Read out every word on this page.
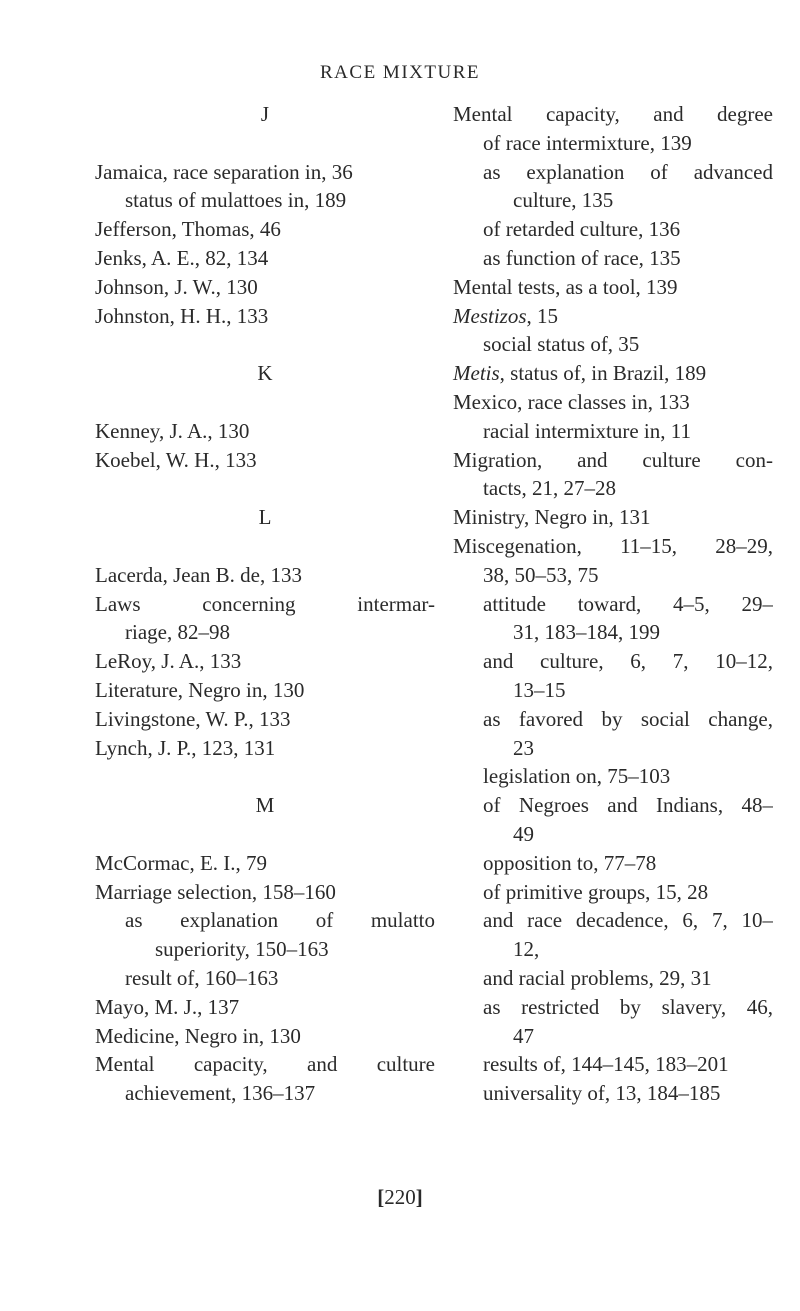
RACE MIXTURE
J
Jamaica, race separation in, 36
status of mulattoes in, 189
Jefferson, Thomas, 46
Jenks, A. E., 82, 134
Johnson, J. W., 130
Johnston, H. H., 133
K
Kenney, J. A., 130
Koebel, W. H., 133
L
Lacerda, Jean B. de, 133
Laws concerning intermar-
riage, 82–98
LeRoy, J. A., 133
Literature, Negro in, 130
Livingstone, W. P., 133
Lynch, J. P., 123, 131
M
McCormac, E. I., 79
Marriage selection, 158–160
as explanation of mulatto
superiority, 150–163
result of, 160–163
Mayo, M. J., 137
Medicine, Negro in, 130
Mental capacity, and culture
achievement, 136–137
Mental capacity, and degree
of race intermixture, 139
as explanation of advanced
culture, 135
of retarded culture, 136
as function of race, 135
Mental tests, as a tool, 139
Mestizos, 15
social status of, 35
Metis, status of, in Brazil, 189
Mexico, race classes in, 133
racial intermixture in, 11
Migration, and culture con-
tacts, 21, 27–28
Ministry, Negro in, 131
Miscegenation, 11–15, 28–29,
38, 50–53, 75
attitude toward, 4–5, 29–
31, 183–184, 199
and culture, 6, 7, 10–12,
13–15
as favored by social change,
23
legislation on, 75–103
of Negroes and Indians, 48–
49
opposition to, 77–78
of primitive groups, 15, 28
and race decadence, 6, 7, 10–
12,
and racial problems, 29, 31
as restricted by slavery, 46,
47
results of, 144–145, 183–201
universality of, 13, 184–185
[220]
